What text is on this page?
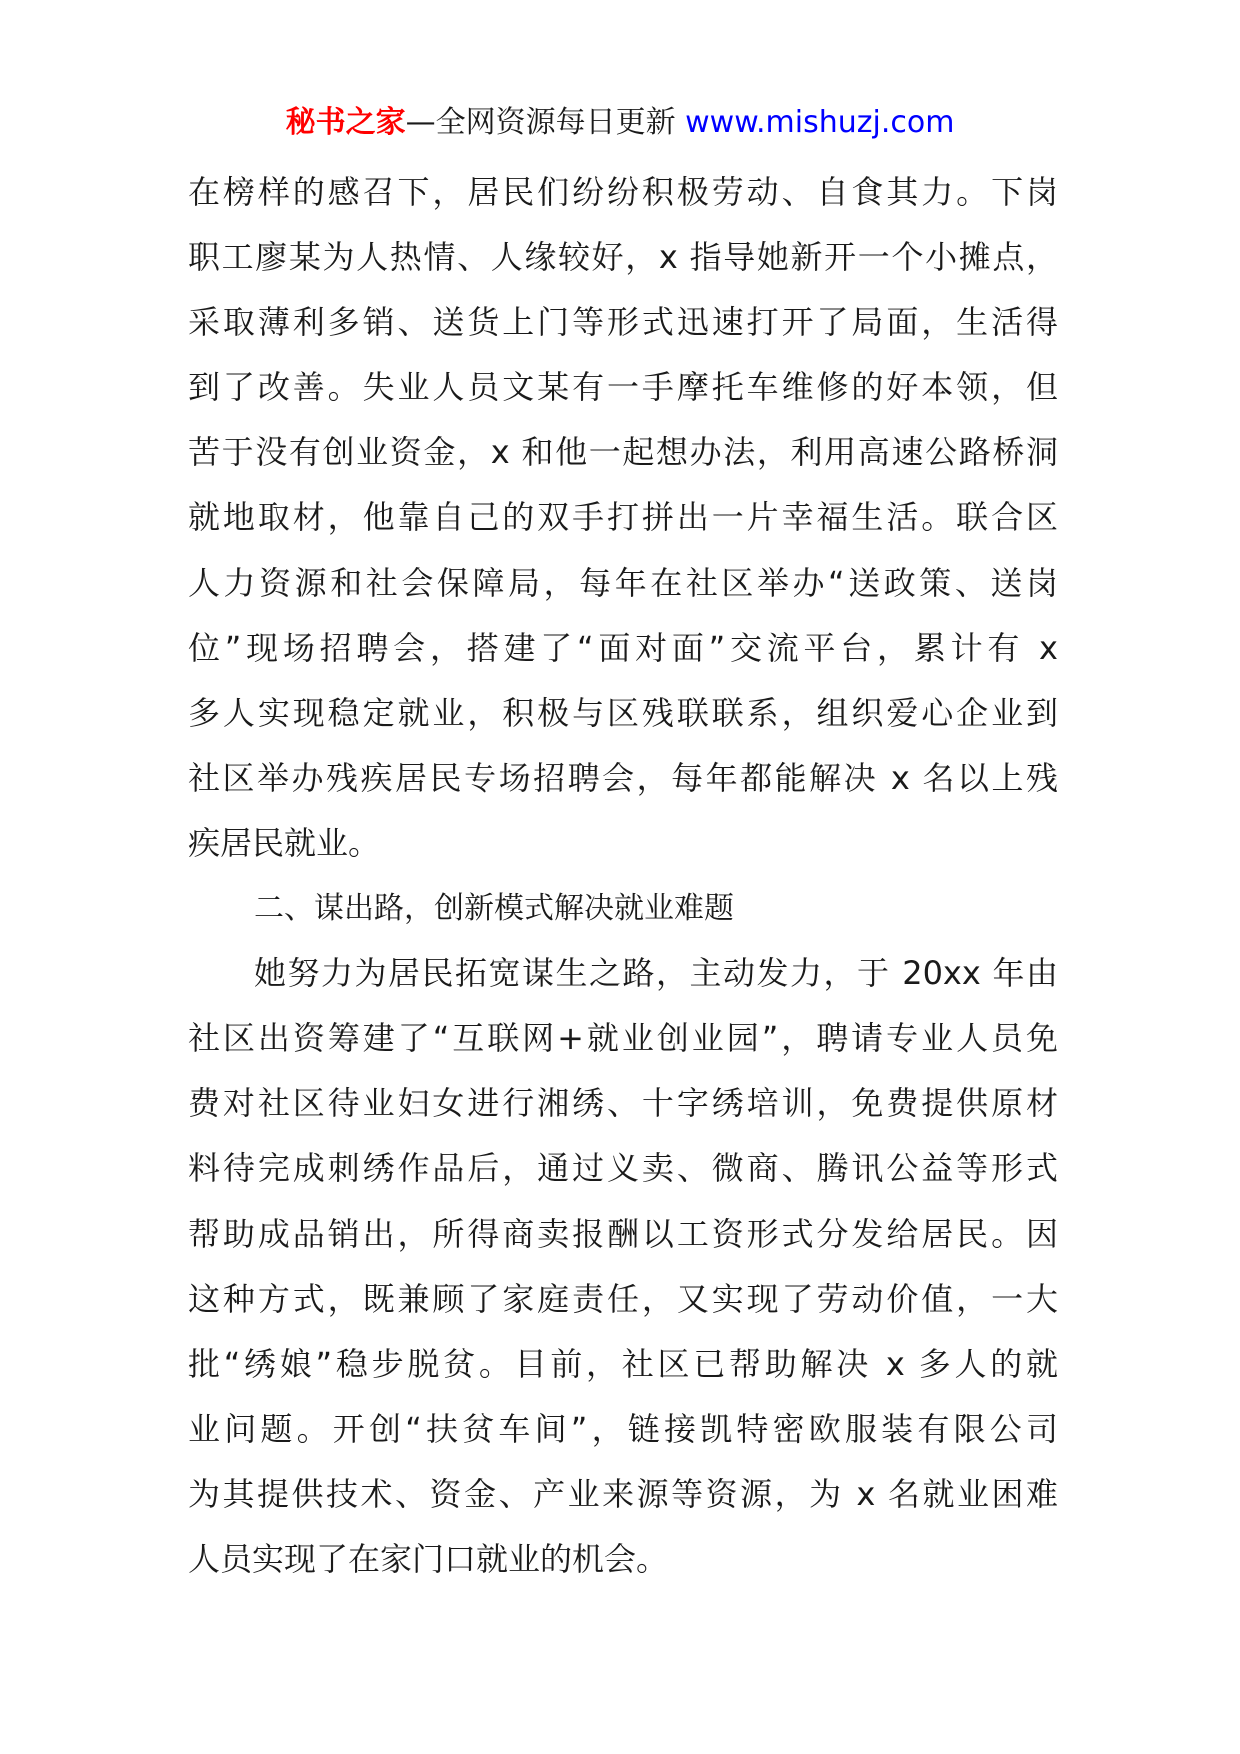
秘书之家—全网资源每日更新 www.mishuzj.com
在榜样的感召下，居民们纷纷积极劳动、自食其力。下岗
职工廖某为人热情、人缘较好，x 指导她新开一个小摊点，
采取薄利多销、送货上门等形式迅速打开了局面，生活得
到了改善。失业人员文某有一手摩托车维修的好本领，但
苦于没有创业资金，x 和他一起想办法，利用高速公路桥洞
就地取材，他靠自己的双手打拼出一片幸福生活。联合区
人力资源和社会保障局，每年在社区举办“送政策、送岗
位”现场招聘会，搭建了“面对面”交流平台，累计有 x
多人实现稳定就业，积极与区残联联系，组织爱心企业到
社区举办残疾居民专场招聘会，每年都能解决 x 名以上残
疾居民就业。
二、谋出路，创新模式解决就业难题
她努力为居民拓宽谋生之路，主动发力，于 20xx 年由
社区出资筹建了“互联网+就业创业园”，聘请专业人员免
费对社区待业妇女进行湘绣、十字绣培训，免费提供原材
料待完成刺绣作品后，通过义卖、微商、腾讯公益等形式
帮助成品销出，所得商卖报酬以工资形式分发给居民。因
这种方式，既兼顾了家庭责任，又实现了劳动价值，一大
批“绣娘”稳步脱贫。目前，社区已帮助解决 x 多人的就
业问题。开创“扶贫车间”，链接凯特密欧服装有限公司
为其提供技术、资金、产业来源等资源，为 x 名就业困难
人员实现了在家门口就业的机会。
